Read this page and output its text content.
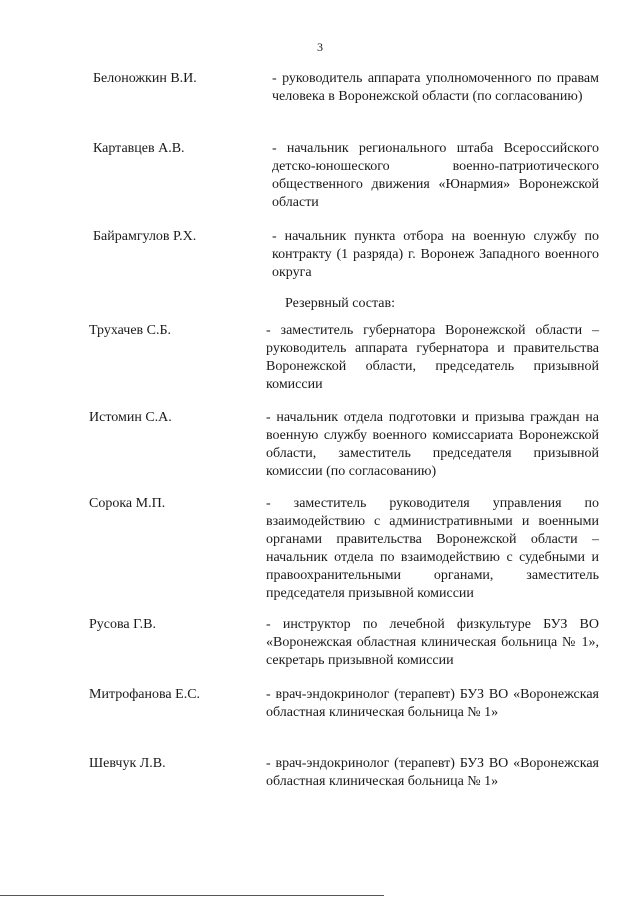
3
Белоножкин В.И.	- руководитель аппарата уполномоченного по правам человека в Воронежской области (по согласованию)
Картавцев А.В.	- начальник регионального штаба Всероссийского детско-юношеского военно-патриотического общественного движения «Юнармия» Воронежской области
Байрамгулов Р.Х.	- начальник пункта отбора на военную службу по контракту (1 разряда) г. Воронеж Западного военного округа
Резервный состав:
Трухачев С.Б.	- заместитель губернатора Воронежской области – руководитель аппарата губернатора и правительства Воронежской области, председатель призывной комиссии
Истомин С.А.	- начальник отдела подготовки и призыва граждан на военную службу военного комиссариата Воронежской области, заместитель председателя призывной комиссии (по согласованию)
Сорока М.П.	- заместитель руководителя управления по взаимодействию с административными и военными органами правительства Воронежской области – начальник отдела по взаимодействию с судебными и правоохранительными органами, заместитель председателя призывной комиссии
Русова Г.В.	- инструктор по лечебной физкультуре БУЗ ВО «Воронежская областная клиническая больница № 1», секретарь призывной комиссии
Митрофанова Е.С.	- врач-эндокринолог (терапевт) БУЗ ВО «Воронежская областная клиническая больница № 1»
Шевчук Л.В.	- врач-эндокринолог (терапевт) БУЗ ВО «Воронежская областная клиническая больница № 1»
